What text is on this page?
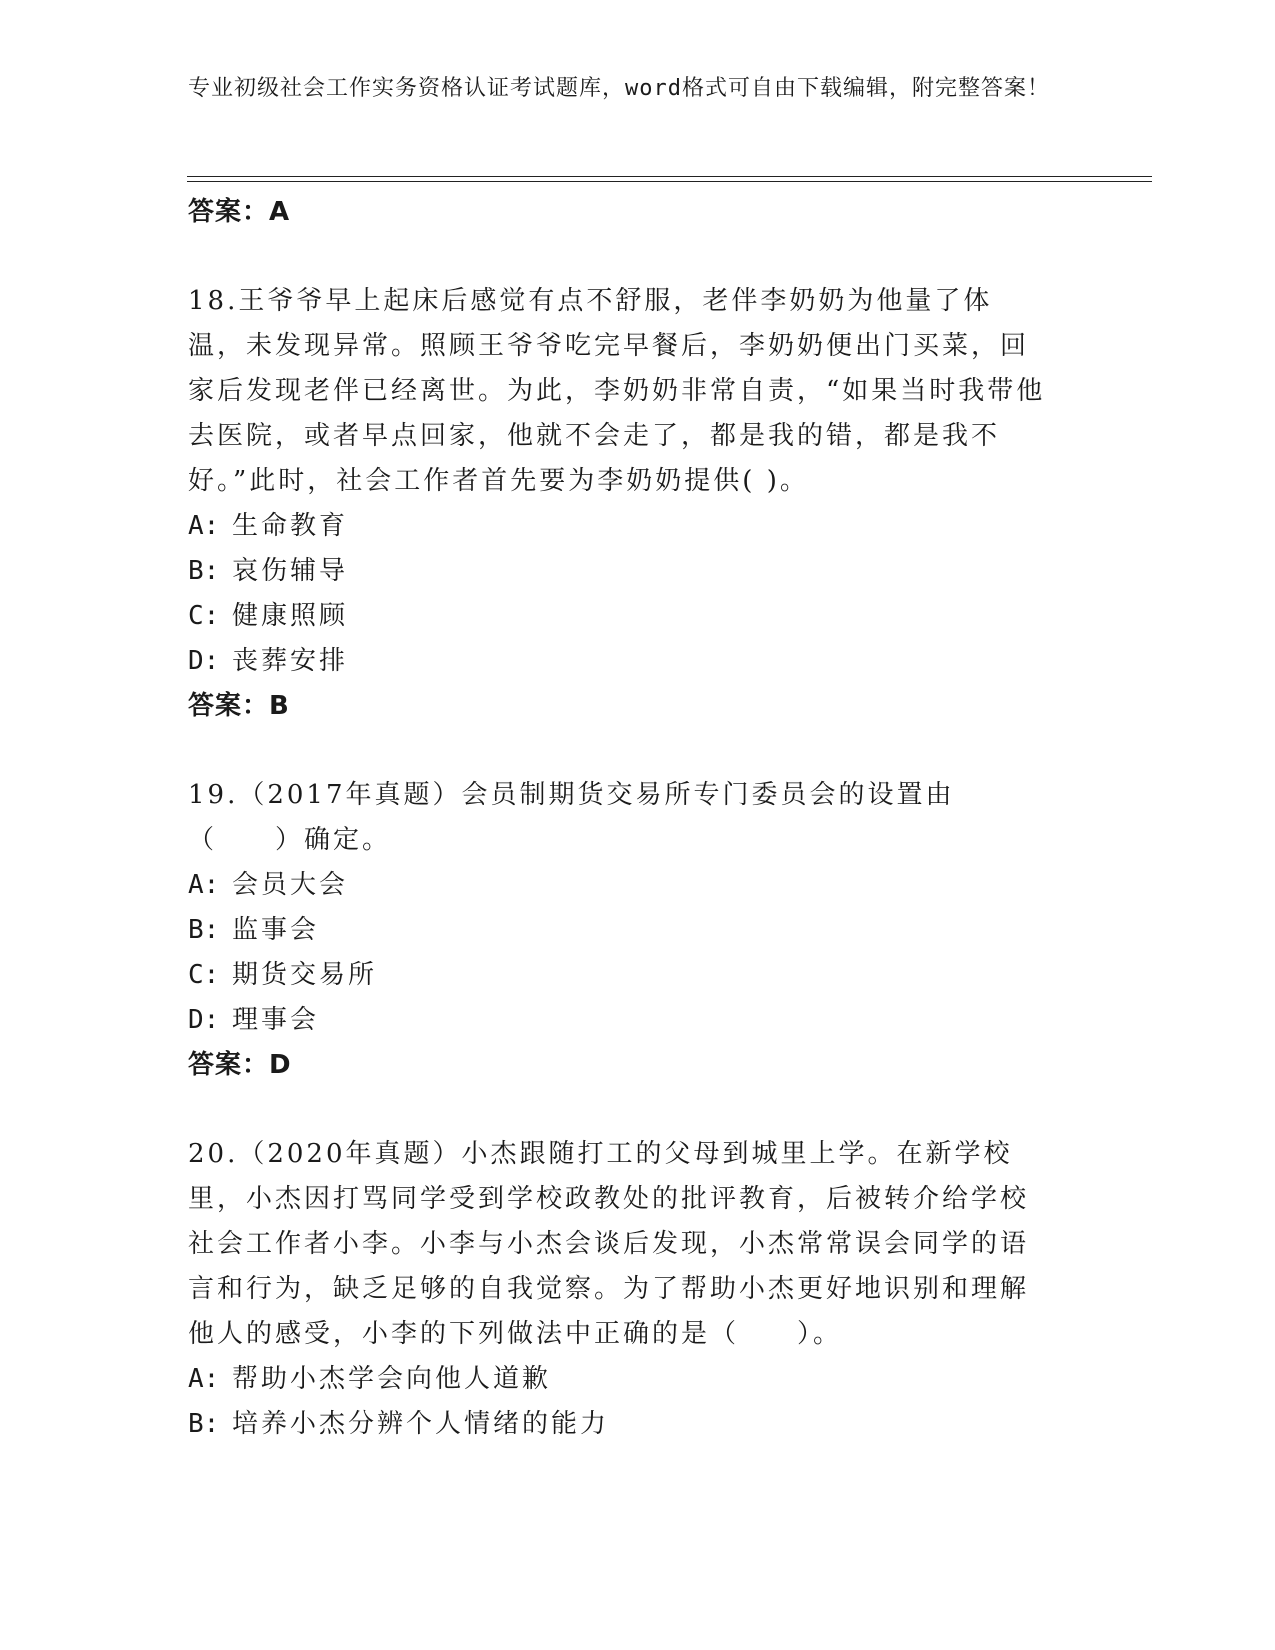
专业初级社会工作实务资格认证考试题库，word格式可自由下载编辑，附完整答案！

答案：A

18.王爷爷早上起床后感觉有点不舒服，老伴李奶奶为他量了体温，未发现异常。照顾王爷爷吃完早餐后，李奶奶便出门买菜，回家后发现老伴已经离世。为此，李奶奶非常自责，“如果当时我带他去医院，或者早点回家，他就不会走了，都是我的错，都是我不好。”此时，社会工作者首先要为李奶奶提供( )。

A: 生命教育

B: 哀伤辅导

C: 健康照顾

D: 丧葬安排

答案：B

19.（2017年真题）会员制期货交易所专门委员会的设置由（　　）确定。

A: 会员大会

B: 监事会

C: 期货交易所

D: 理事会

答案：D

20.（2020年真题）小杰跟随打工的父母到城里上学。在新学校里，小杰因打骂同学受到学校政教处的批评教育，后被转介给学校社会工作者小李。小李与小杰会谈后发现，小杰常常误会同学的语言和行为，缺乏足够的自我觉察。为了帮助小杰更好地识别和理解他人的感受，小李的下列做法中正确的是（　　）。

A: 帮助小杰学会向他人道歉

B: 培养小杰分辨个人情绪的能力
